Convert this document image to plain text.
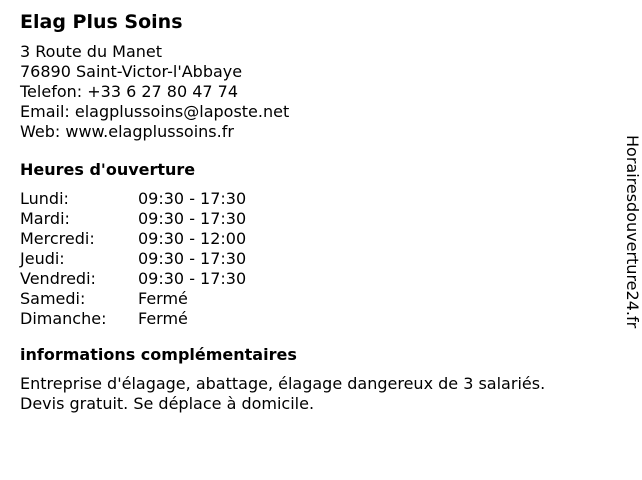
Elag Plus Soins
3 Route du Manet
76890 Saint-Victor-l'Abbaye
Telefon: +33 6 27 80 47 74
Email: elagplussoins@laposte.net
Web: www.elagplussoins.fr
Heures d'ouverture
Lundi:	09:30 - 17:30
Mardi:	09:30 - 17:30
Mercredi:	09:30 - 12:00
Jeudi:	09:30 - 17:30
Vendredi:	09:30 - 17:30
Samedi:	Fermé
Dimanche: Fermé
informations complémentaires
Entreprise d'élagage, abattage, élagage dangereux de 3 salariés.
Devis gratuit. Se déplace à domicile.
Horairesdouverture24.fr
